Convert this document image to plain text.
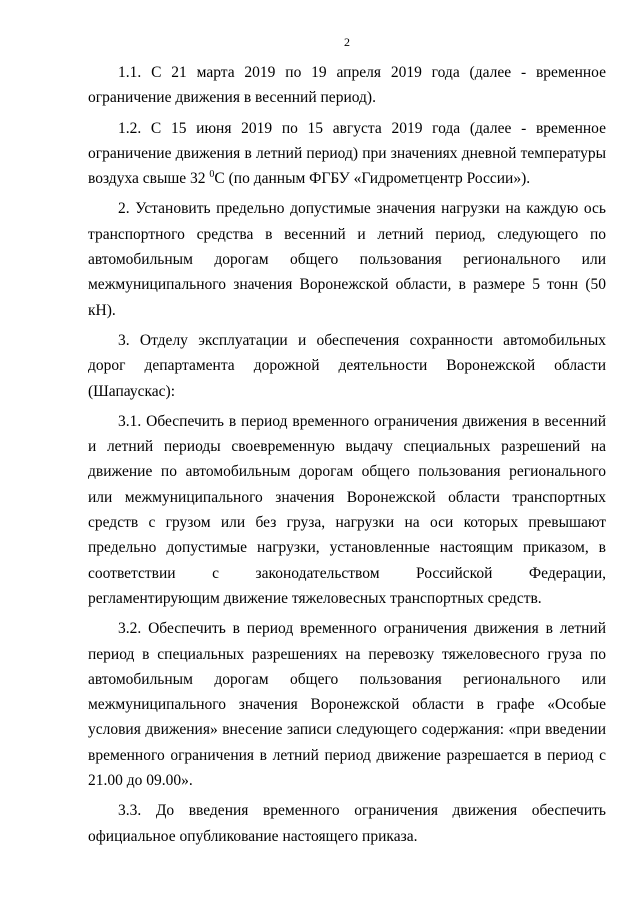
2

1.1. С 21 марта 2019 по 19 апреля 2019 года (далее - временное ограничение движения в весенний период).

1.2. С 15 июня 2019 по 15 августа 2019 года (далее - временное ограничение движения в летний период) при значениях дневной температуры воздуха свыше 32 $^0$С (по данным ФГБУ «Гидрометцентр России»).

2. Установить предельно допустимые значения нагрузки на каждую ось транспортного средства в весенний и летний период, следующего по автомобильным дорогам общего пользования регионального или межмуниципального значения Воронежской области, в размере 5 тонн (50 кН).

3. Отделу эксплуатации и обеспечения сохранности автомобильных дорог департамента дорожной деятельности Воронежской области (Шапаускас):

3.1. Обеспечить в период временного ограничения движения в весенний и летний периоды своевременную выдачу специальных разрешений на движение по автомобильным дорогам общего пользования регионального или межмуниципального значения Воронежской области транспортных средств с грузом или без груза, нагрузки на оси которых превышают предельно допустимые нагрузки, установленные настоящим приказом, в соответствии с законодательством Российской Федерации, регламентирующим движение тяжеловесных транспортных средств.

3.2. Обеспечить в период временного ограничения движения в летний период в специальных разрешениях на перевозку тяжеловесного груза по автомобильным дорогам общего пользования регионального или межмуниципального значения Воронежской области в графе «Особые условия движения» внесение записи следующего содержания: «при введении временного ограничения в летний период движение разрешается в период с 21.00 до 09.00».

3.3. До введения временного ограничения движения обеспечить официальное опубликование настоящего приказа.
